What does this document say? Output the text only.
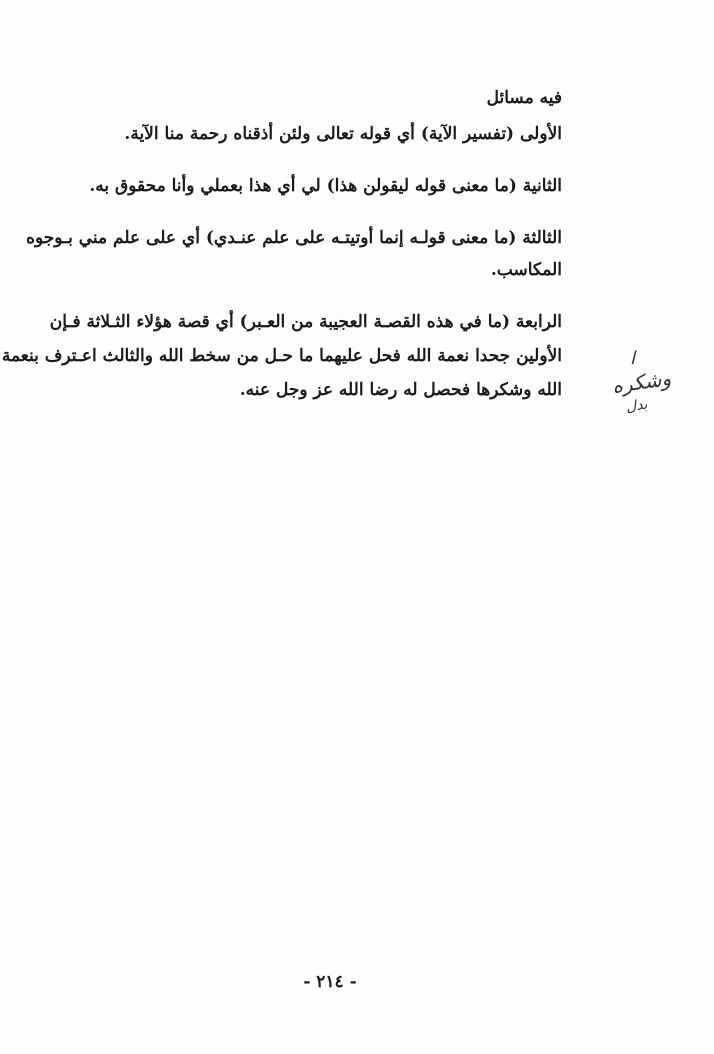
فيه مسائل
الأولى (تفسير الآية) أي قوله تعالى ولئن أذقناه رحمة منا الآية.
الثانية (ما معنى قوله ليقولن هذا) لي أي هذا بعملي وأنا محقوق به.
الثالثة (ما معنى قولـه إنما أوتيتـه على علم عنـدي) أي على علم مني بـوجوه
المكاسب.
الرابعة (ما في هذه القصـة العجيبة من العـبر) أي قصة هؤلاء الثـلاثة فـإن
الأولين جحدا نعمة الله فحل عليهما ما حـل من سخط الله والثالث اعـترف بنعمة
الله وشكرها فحصل له رضا الله عز وجل عنه.
ا
وشكره
بدل
- ٢١٤ -
